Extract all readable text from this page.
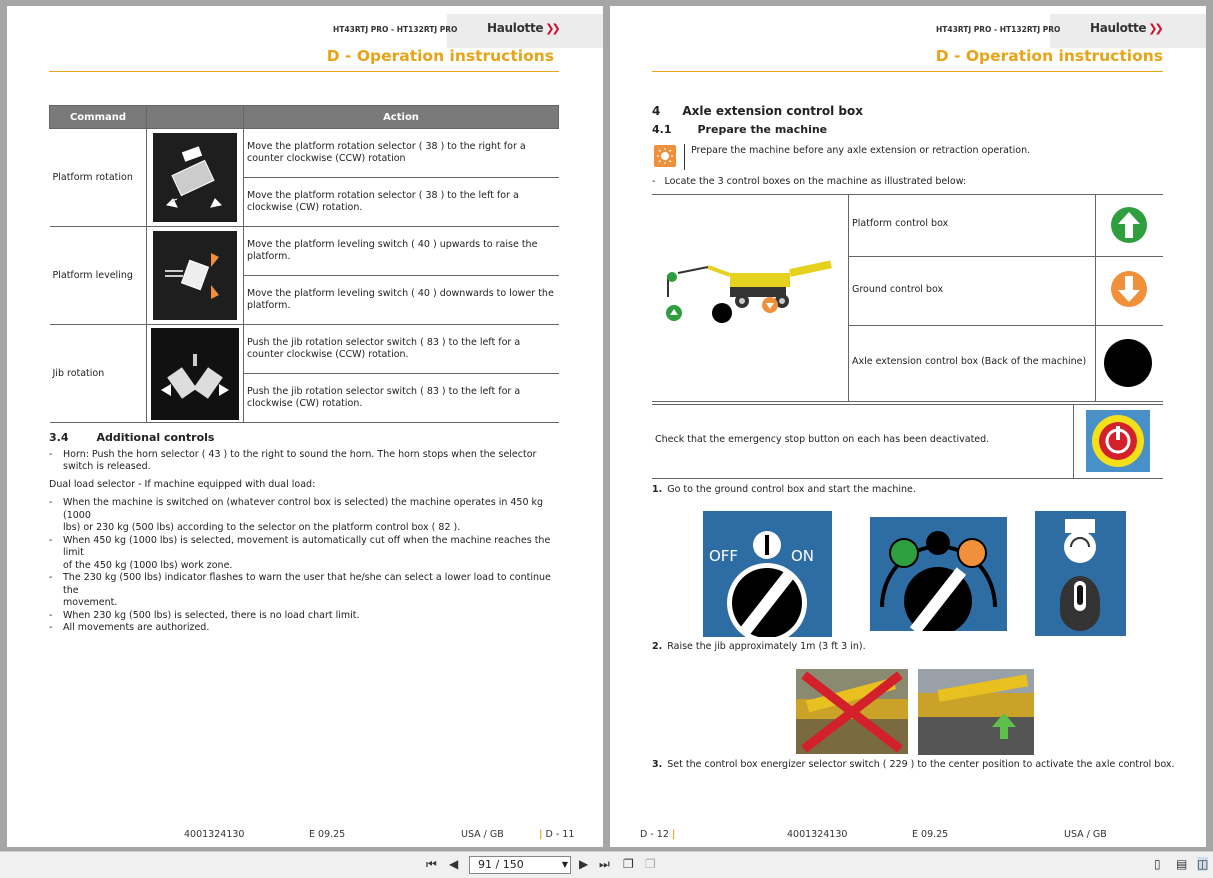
HT43RTJ PRO - HT132RTJ PRO Haulotte ❯❯
D - Operation instructions
Command		Action
Platform rotation		Move the platform rotation selector ( 38 ) to the right for a counter clockwise (CCW) rotation
		Move the platform rotation selector ( 38 ) to the left for a clockwise (CW) rotation.
Platform leveling		Move the platform leveling switch ( 40 ) upwards to raise the platform.
		Move the platform leveling switch ( 40 ) downwards to lower the platform.
Jib rotation		Push the jib rotation selector switch ( 83 ) to the left for a counter clockwise (CCW) rotation.
		Push the jib rotation selector switch ( 83 ) to the left for a clockwise (CW) rotation.
3.4	Additional controls
- Horn: Push the horn selector ( 43 ) to the right to sound the horn. The horn stops when the selector
switch is released.
Dual load selector - If machine equipped with dual load:
- When the machine is switched on (whatever control box is selected) the machine operates in 450 kg (1000
lbs) or 230 kg (500 lbs) according to the selector on the platform control box ( 82 ).
- When 450 kg (1000 lbs) is selected, movement is automatically cut off when the machine reaches the limit
of the 450 kg (1000 lbs) work zone.
- The 230 kg (500 lbs) indicator flashes to warn the user that he/she can select a lower load to continue the
movement.
- When 230 kg (500 lbs) is selected, there is no load chart limit.
- All movements are authorized.
4001324130	E 09.25	USA / GB	| D - 11
HT43RTJ PRO - HT132RTJ PRO Haulotte ❯❯
D - Operation instructions
4 Axle extension control box
4.1 Prepare the machine
Prepare the machine before any axle extension or retraction operation.
- Locate the 3 control boxes on the machine as illustrated below:
Platform control box
Ground control box
Axle extension control box (Back of the machine)
Check that the emergency stop button on each has been deactivated.
1. Go to the ground control box and start the machine.
OFF	ON
2. Raise the jib approximately 1m (3 ft 3 in).
3. Set the control box energizer selector switch ( 229 ) to the center position to activate the axle control box.
D - 12 |	4001324130	E 09.25	USA / GB
⏮ ◀	91 / 150	▼ ▶ ⏭ ❐ ❐	▯ ▤ ◫
